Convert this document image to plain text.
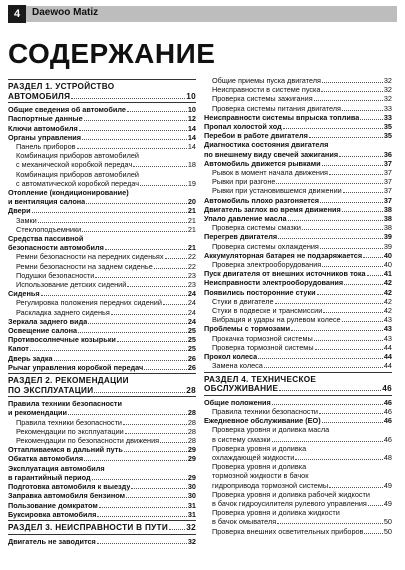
4	Daewoo Matiz
СОДЕРЖАНИЕ
РАЗДЕЛ 1. УСТРОЙСТВО
АВТОМОБИЛЯ	10
Общие сведения об автомобиле	10
Паспортные данные	12
Ключи автомобиля	14
Органы управления	14
Панель приборов	14
Комбинация приборов автомобилей
с механической коробкой передач	18
Комбинация приборов автомобилей
с автоматической коробкой передач	19
Отопление (кондиционирование)
и вентиляция салона	20
Двери	21
Замки	21
Стеклоподъемники	21
Средства пассивной
безопасности автомобиля	21
Ремни безопасности на передних сиденьях	22
Ремни безопасности на заднем сиденье	22
Подушки безопасности	23
Использование детских сидений	23
Сиденья	24
Регулировка положения передних сидений	24
Раскладка заднего сиденья	24
Зеркала заднего вида	24
Освещение салона	25
Противосолнечные козырьки	25
Капот	25
Дверь задка	26
Рычаг управления коробкой передач	26
РАЗДЕЛ 2. РЕКОМЕНДАЦИИ
ПО ЭКСПЛУАТАЦИИ	28
Правила техники безопасности
и рекомендации	28
Правила техники безопасности	28
Рекомендации по эксплуатации	28
Рекомендации по безопасности движения	28
Оттапливаемся в дальний путь	29
Обкатка автомобиля	29
Эксплуатация автомобиля
в гарантийный период	29
Подготовка автомобиля к выезду	30
Заправка автомобиля бензином	30
Пользование домкратом	31
Буксировка автомобиля	31
РАЗДЕЛ 3. НЕИСПРАВНОСТИ В ПУТИ 32
Двигатель не заводится	32
Общие приемы пуска двигателя	32
Неисправности в системе пуска	32
Проверка системы зажигания	32
Проверка системы питания двигателя	33
Неисправности системы впрыска топлива	33
Пропал холостой ход	35
Перебои в работе двигателя	35
Диагностика состояния двигателя
по внешнему виду свечей зажигания	36
Автомобиль движется рывками	37
Рывок в момент начала движения	37
Рывки при разгоне	37
Рывки при установившемся движении	37
Автомобиль плохо разгоняется	37
Двигатель заглох во время движения	38
Упало давление масла	38
Проверка системы смазки	38
Перегрев двигателя	39
Проверка системы охлаждения	39
Аккумуляторная батарея не подзаряжается	40
Проверка электрооборудования	40
Пуск двигателя от внешних источников тока	41
Неисправности электрооборудования	42
Появились посторонние стуки	42
Стуки в двигателе	42
Стуки в подвеске и трансмиссии	42
Вибрация и удары на рулевом колесе	43
Проблемы с тормозами	43
Прокачка тормозной системы	43
Проверка тормозной системы	44
Прокол колеса	44
Замена колеса	44
РАЗДЕЛ 4. ТЕХНИЧЕСКОЕ
ОБСЛУЖИВАНИЕ	46
Общие положения	46
Правила техники безопасности	46
Ежедневное обслуживание (ЕО)	46
Проверка уровня и доливка масла
в систему смазки	46
Проверка уровня и доливка
охлаждающей жидкости	48
Проверка уровня и доливка
тормозной жидкости в бачок
гидропривода тормозной системы	49
Проверка уровня и доливка рабочей жидкости
в бачок гидроусилителя рулевого управления 49
Проверка уровня и доливка жидкости
в бачок омывателя	50
Проверка внешних осветительных приборов	50
